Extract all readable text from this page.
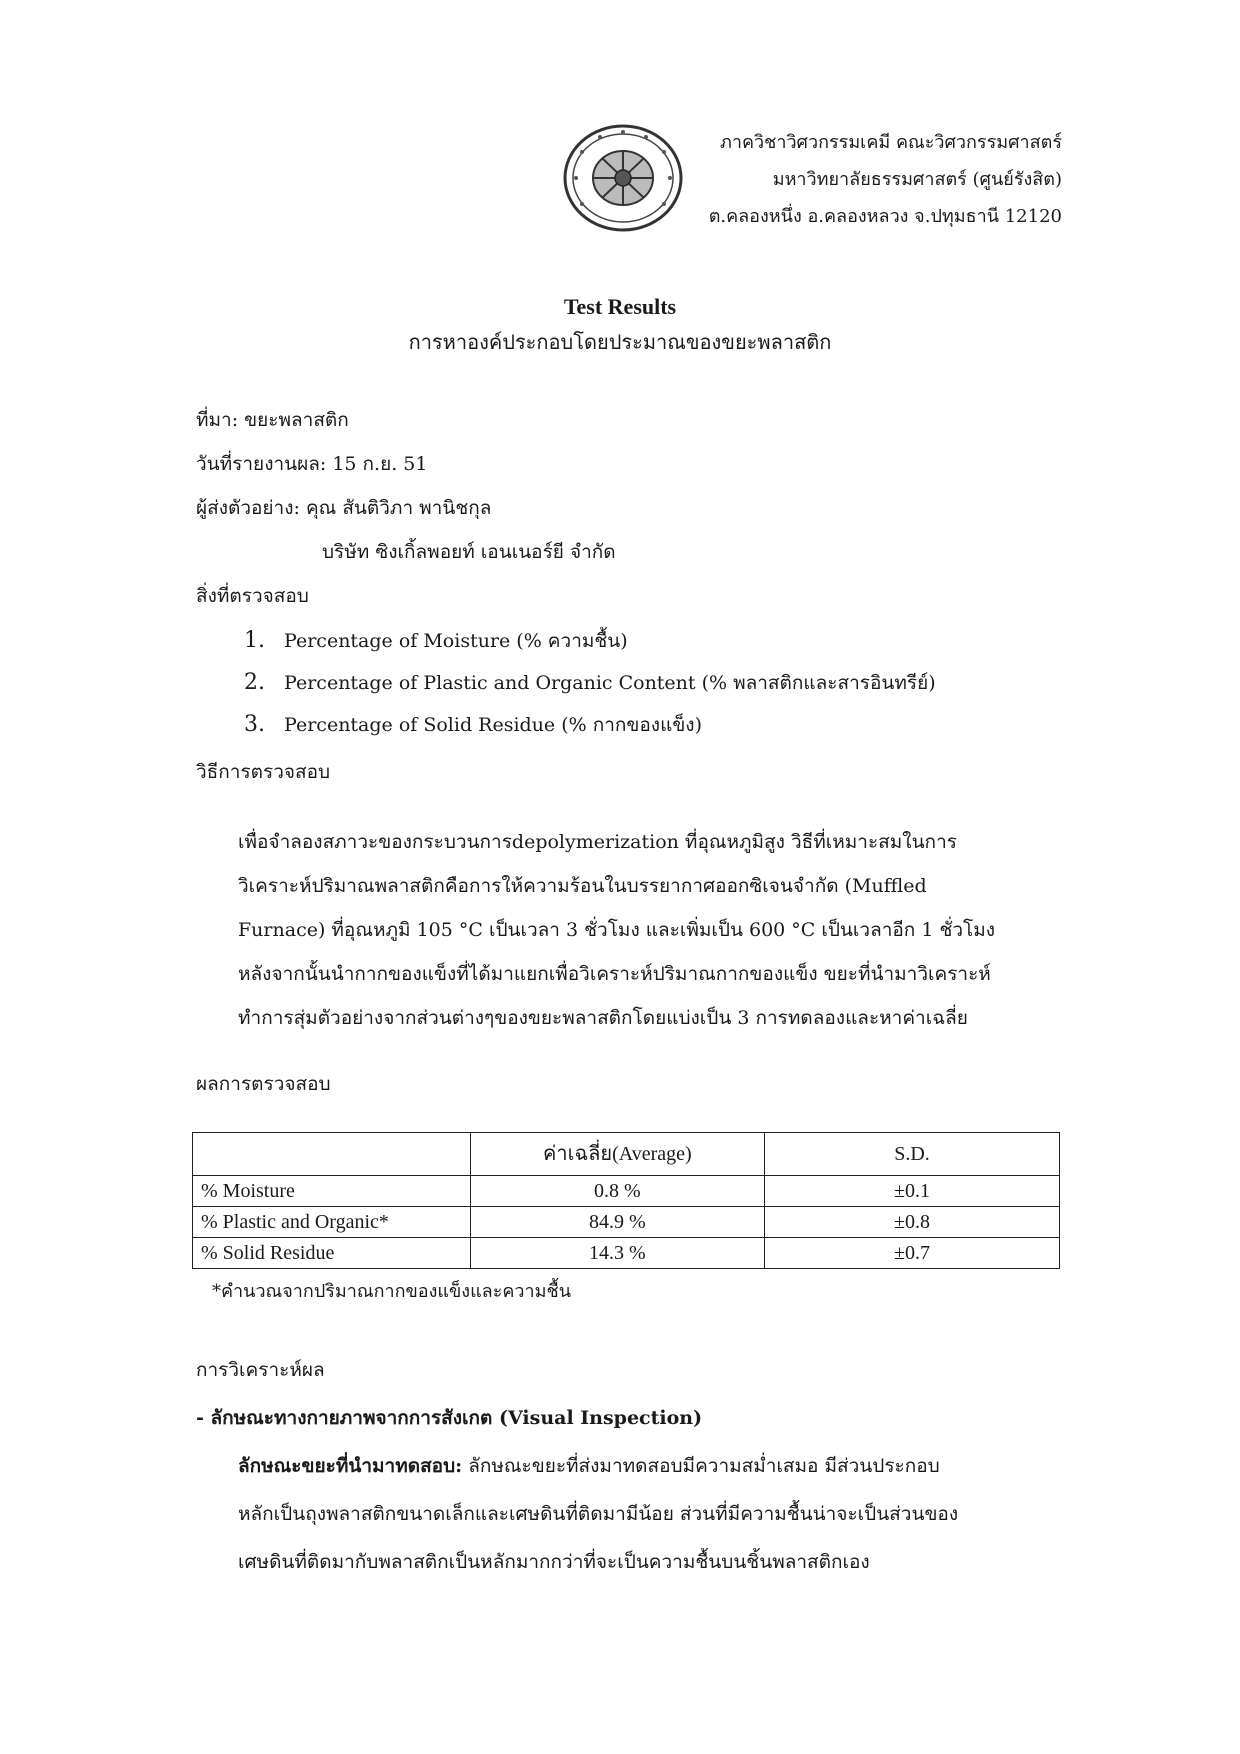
ภาควิชาวิศวกรรมเคมี คณะวิศวกรรมศาสตร์
มหาวิทยาลัยธรรมศาสตร์ (ศูนย์รังสิต)
ต.คลองหนึ่ง อ.คลองหลวง จ.ปทุมธานี 12120
Test Results
การหาองค์ประกอบโดยประมาณของขยะพลาสติก
ที่มา: ขยะพลาสติก
วันที่รายงานผล: 15 ก.ย. 51
ผู้ส่งตัวอย่าง: คุณ สันติวิภา พานิชกุล
บริษัท ซิงเกิ้ลพอยท์ เอนเนอร์ยี จำกัด
สิ่งที่ตรวจสอบ
1. Percentage of Moisture (% ความชื้น)
2. Percentage of Plastic and Organic Content (% พลาสติกและสารอินทรีย์)
3. Percentage of Solid Residue (% กากของแข็ง)
วิธีการตรวจสอบ
เพื่อจำลองสภาวะของกระบวนการdepolymerization ที่อุณหภูมิสูง วิธีที่เหมาะสมในการ
วิเคราะห์ปริมาณพลาสติกคือการให้ความร้อนในบรรยากาศออกซิเจนจำกัด (Muffled
Furnace) ที่อุณหภูมิ 105 °C เป็นเวลา 3 ชั่วโมง และเพิ่มเป็น 600 °C เป็นเวลาอีก 1 ชั่วโมง
หลังจากนั้นนำกากของแข็งที่ได้มาแยกเพื่อวิเคราะห์ปริมาณกากของแข็ง ขยะที่นำมาวิเคราะห์
ทำการสุ่มตัวอย่างจากส่วนต่างๆของขยะพลาสติกโดยแบ่งเป็น 3 การทดลองและหาค่าเฉลี่ย
ผลการตรวจสอบ
	ค่าเฉลี่ย(Average)	S.D.
% Moisture	0.8 %	±0.1
% Plastic and Organic*	84.9 %	±0.8
% Solid Residue	14.3 %	±0.7
*คำนวณจากปริมาณกากของแข็งและความชื้น
การวิเคราะห์ผล
- ลักษณะทางกายภาพจากการสังเกต (Visual Inspection)
ลักษณะขยะที่นำมาทดสอบ: ลักษณะขยะที่ส่งมาทดสอบมีความสม่ำเสมอ มีส่วนประกอบ
หลักเป็นถุงพลาสติกขนาดเล็กและเศษดินที่ติดมามีน้อย ส่วนที่มีความชื้นน่าจะเป็นส่วนของ
เศษดินที่ติดมากับพลาสติกเป็นหลักมากกว่าที่จะเป็นความชื้นบนชิ้นพลาสติกเอง
